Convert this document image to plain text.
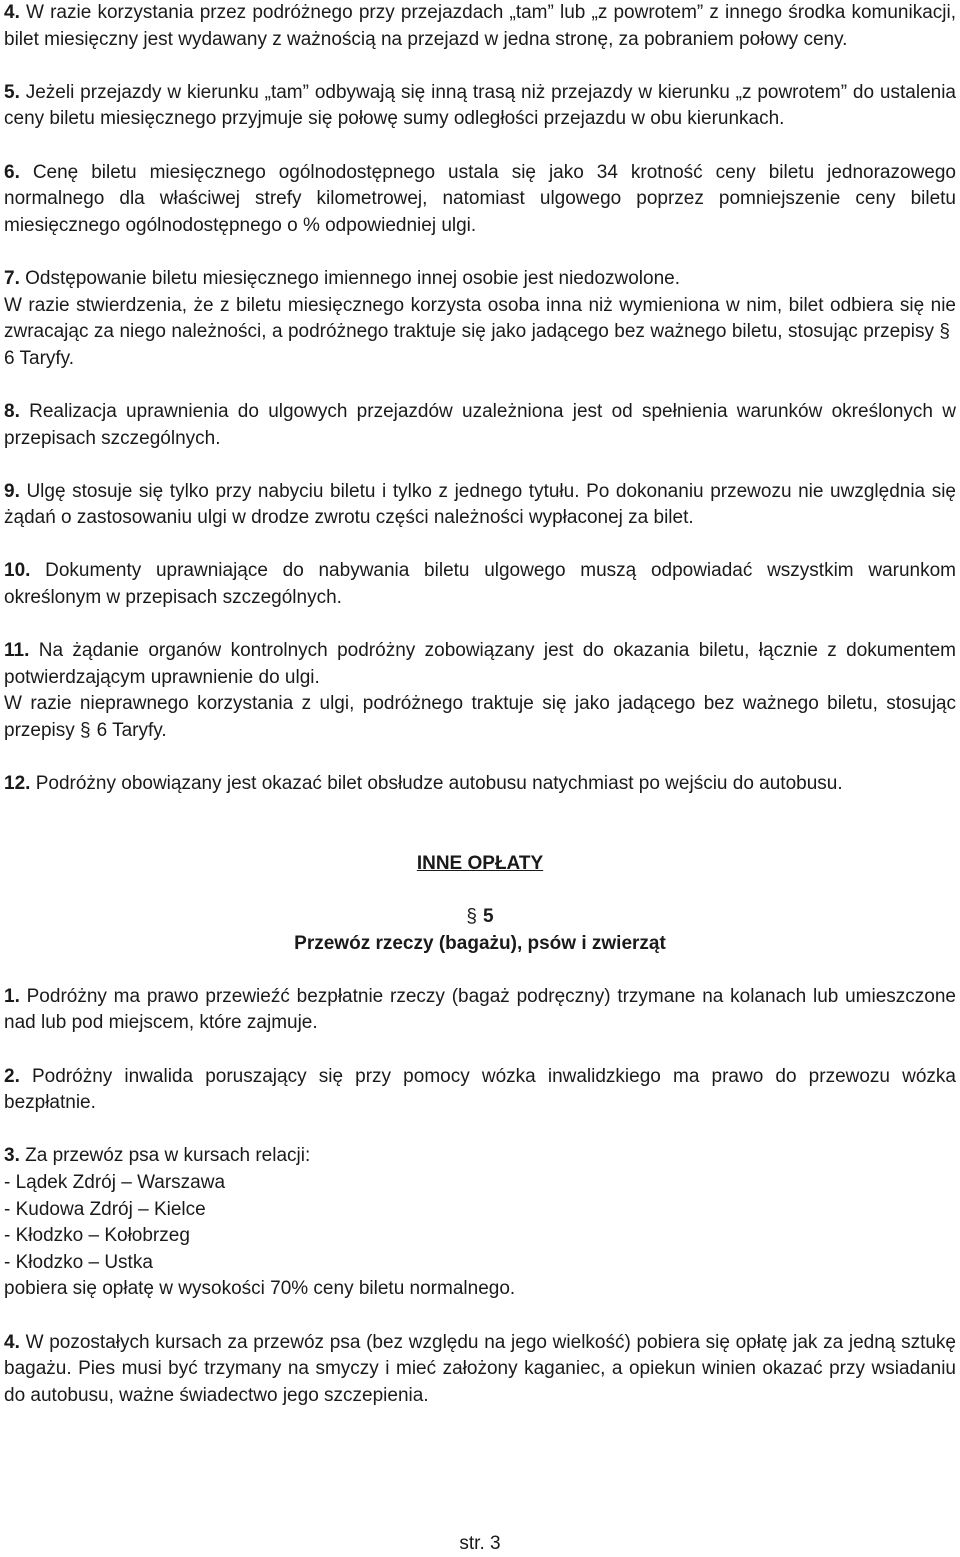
4. W razie korzystania przez podróżnego przy przejazdach „tam” lub „z powrotem” z innego środka komunikacji, bilet miesięczny jest wydawany z ważnością na przejazd w jedna stronę, za pobraniem połowy ceny.

5. Jeżeli przejazdy w kierunku „tam” odbywają się inną trasą niż przejazdy w kierunku „z powrotem” do ustalenia ceny biletu miesięcznego przyjmuje się połowę sumy odległości przejazdu w obu kierunkach.

6. Cenę biletu miesięcznego ogólnodostępnego ustala się jako 34 krotność ceny biletu jednorazowego normalnego dla właściwej strefy kilometrowej, natomiast ulgowego poprzez pomniejszenie ceny biletu miesięcznego ogólnodostępnego o % odpowiedniej ulgi.

7. Odstępowanie biletu miesięcznego imiennego innej osobie jest niedozwolone.

W razie stwierdzenia, że z biletu miesięcznego korzysta osoba inna niż wymieniona w nim, bilet odbiera się nie zwracając za niego należności, a podróżnego traktuje się jako jadącego bez ważnego biletu, stosując przepisy §6 Taryfy.

8. Realizacja uprawnienia do ulgowych przejazdów uzależniona jest od spełnienia warunków określonych w przepisach szczególnych.

9. Ulgę stosuje się tylko przy nabyciu biletu i tylko z jednego tytułu. Po dokonaniu przewozu nie uwzględnia się żądań o zastosowaniu ulgi w drodze zwrotu części należności wypłaconej za bilet.

10. Dokumenty uprawniające do nabywania biletu ulgowego muszą odpowiadać wszystkim warunkom określonym w przepisach szczególnych.

11. Na żądanie organów kontrolnych podróżny zobowiązany jest do okazania biletu, łącznie z dokumentem potwierdzającym uprawnienie do ulgi.

W razie nieprawnego korzystania z ulgi, podróżnego traktuje się jako jadącego bez ważnego biletu, stosując przepisy § 6 Taryfy.

12. Podróżny obowiązany jest okazać bilet obsłudze autobusu natychmiast po wejściu do autobusu.

INNE OPŁATY

§ 5

Przewóz rzeczy (bagażu), psów i zwierząt

1. Podróżny ma prawo przewieźć bezpłatnie rzeczy (bagaż podręczny) trzymane na kolanach lub umieszczone nad lub pod miejscem, które zajmuje.

2. Podróżny inwalida poruszający się przy pomocy wózka inwalidzkiego ma prawo do przewozu wózka bezpłatnie.

3. Za przewóz psa w kursach relacji:

- Lądek Zdrój – Warszawa

- Kudowa Zdrój – Kielce

- Kłodzko – Kołobrzeg

- Kłodzko – Ustka

pobiera się opłatę w wysokości 70% ceny biletu normalnego.

4. W pozostałych kursach za przewóz psa (bez względu na jego wielkość) pobiera się opłatę jak za jedną sztukę bagażu. Pies musi być trzymany na smyczy i mieć założony kaganiec, a opiekun winien okazać przy wsiadaniu do autobusu, ważne świadectwo jego szczepienia.

str. 3
